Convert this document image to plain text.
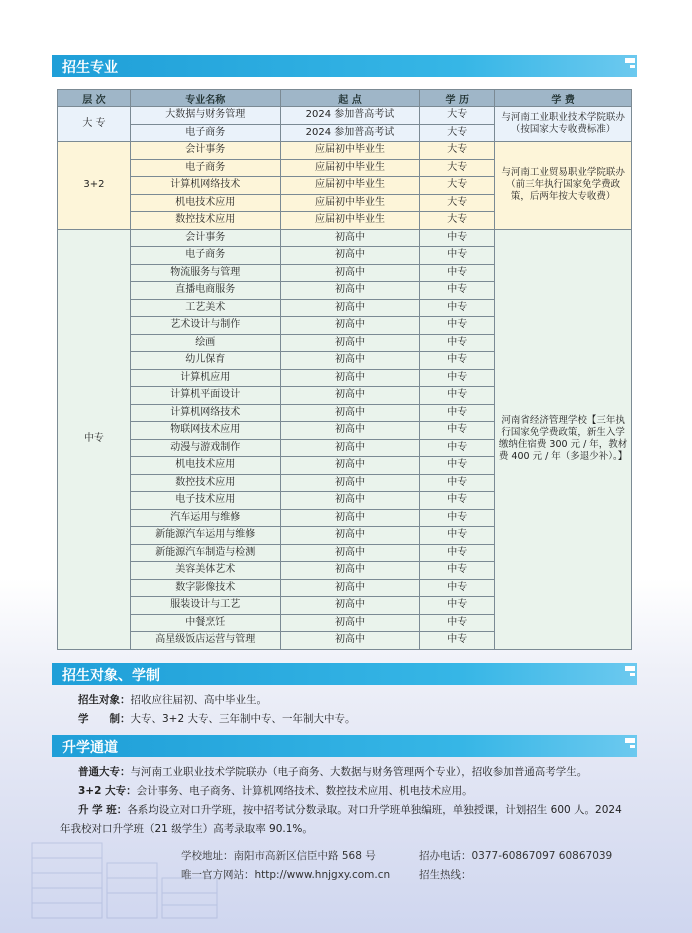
招生专业
层 次	专业名称	起 点	学 历	学 费
大 专	大数据与财务管理	2024 参加普高考试	大专	与河南工业职业技术学院联办（按国家大专收费标准）
	电子商务	2024 参加普高考试	大专	
3+2	会计事务	应届初中毕业生	大专	与河南工业贸易职业学院联办（前三年执行国家免学费政策，后两年按大专收费）
	电子商务	应届初中毕业生	大专	
	计算机网络技术	应届初中毕业生	大专	
	机电技术应用	应届初中毕业生	大专	
	数控技术应用	应届初中毕业生	大专	
中专	会计事务	初高中	中专	河南省经济管理学校【三年执行国家免学费政策，新生入学缴纳住宿费 300 元 / 年，教材费 400 元 / 年（多退少补）。】
	电子商务	初高中	中专	
	物流服务与管理	初高中	中专	
	直播电商服务	初高中	中专	
	工艺美术	初高中	中专	
	艺术设计与制作	初高中	中专	
	绘画	初高中	中专	
	幼儿保育	初高中	中专	
	计算机应用	初高中	中专	
	计算机平面设计	初高中	中专	
	计算机网络技术	初高中	中专	
	物联网技术应用	初高中	中专	
	动漫与游戏制作	初高中	中专	
	机电技术应用	初高中	中专	
	数控技术应用	初高中	中专	
	电子技术应用	初高中	中专	
	汽车运用与维修	初高中	中专	
	新能源汽车运用与维修	初高中	中专	
	新能源汽车制造与检测	初高中	中专	
	美容美体艺术	初高中	中专	
	数字影像技术	初高中	中专	
	服装设计与工艺	初高中	中专	
	中餐烹饪	初高中	中专	
	高星级饭店运营与管理	初高中	中专	
招生对象、学制
招生对象：招收应往届初、高中毕业生。
学　　制：大专、3+2 大专、三年制中专、一年制大中专。
升学通道
普通大专：与河南工业职业技术学院联办（电子商务、大数据与财务管理两个专业），招收参加普通高考学生。
3+2 大专：会计事务、电子商务、计算机网络技术、数控技术应用、机电技术应用。
升 学 班：各系均设立对口升学班，按中招考试分数录取。对口升学班单独编班，单独授课，计划招生 600 人。2024
年我校对口升学班（21 级学生）高考录取率 90.1%。
学校地址：南阳市高新区信臣中路 568 号
唯一官方网站：http://www.hnjgxy.com.cn
招办电话：0377-60867097 60867039
招生热线：
